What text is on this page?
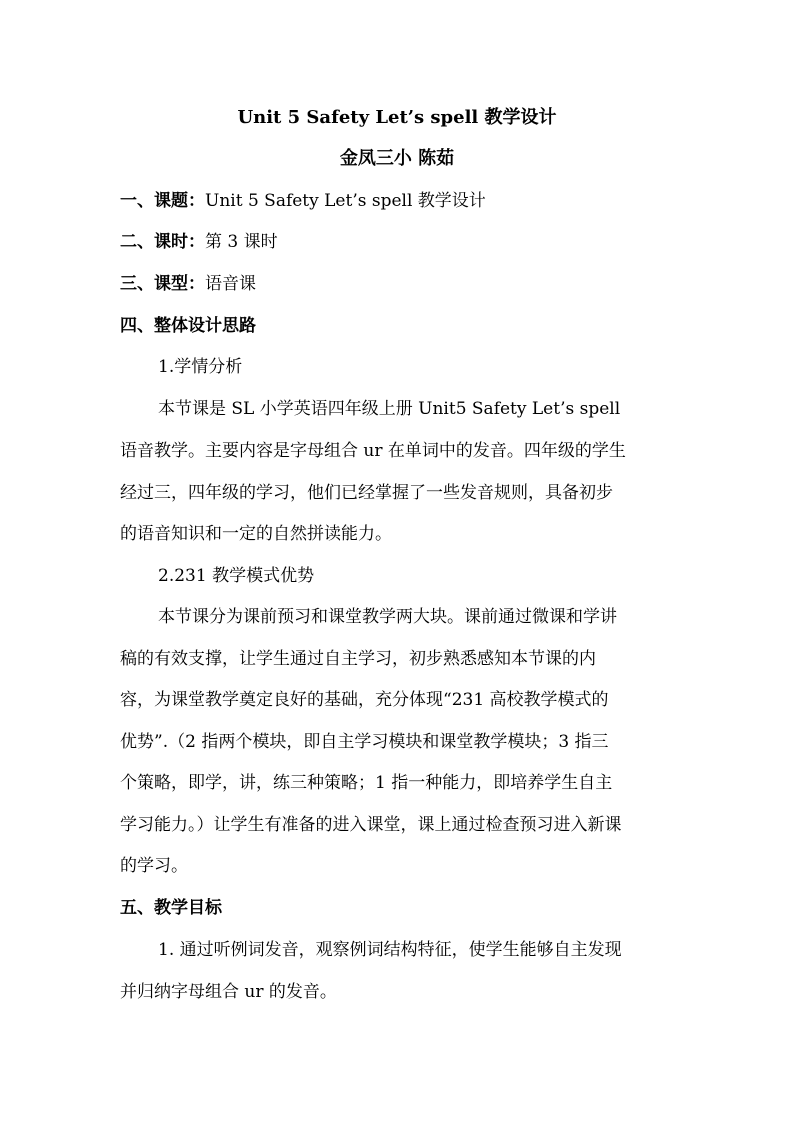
Unit 5 Safety Let’s spell 教学设计
金凤三小 陈茹
一、课题：Unit 5 Safety Let’s spell 教学设计
二、课时：第 3 课时
三、课型：语音课
四、整体设计思路
1.学情分析
本节课是 SL 小学英语四年级上册 Unit5 Safety Let’s spell
语音教学。主要内容是字母组合 ur 在单词中的发音。四年级的学生
经过三，四年级的学习，他们已经掌握了一些发音规则，具备初步
的语音知识和一定的自然拼读能力。
2.231 教学模式优势
本节课分为课前预习和课堂教学两大块。课前通过微课和学讲
稿的有效支撑，让学生通过自主学习，初步熟悉感知本节课的内
容，为课堂教学奠定良好的基础，充分体现“231 高校教学模式的
优势”.（2 指两个模块，即自主学习模块和课堂教学模块；3 指三
个策略，即学，讲，练三种策略；1 指一种能力，即培养学生自主
学习能力。）让学生有准备的进入课堂，课上通过检查预习进入新课
的学习。
五、教学目标
1. 通过听例词发音，观察例词结构特征，使学生能够自主发现
并归纳字母组合 ur 的发音。
